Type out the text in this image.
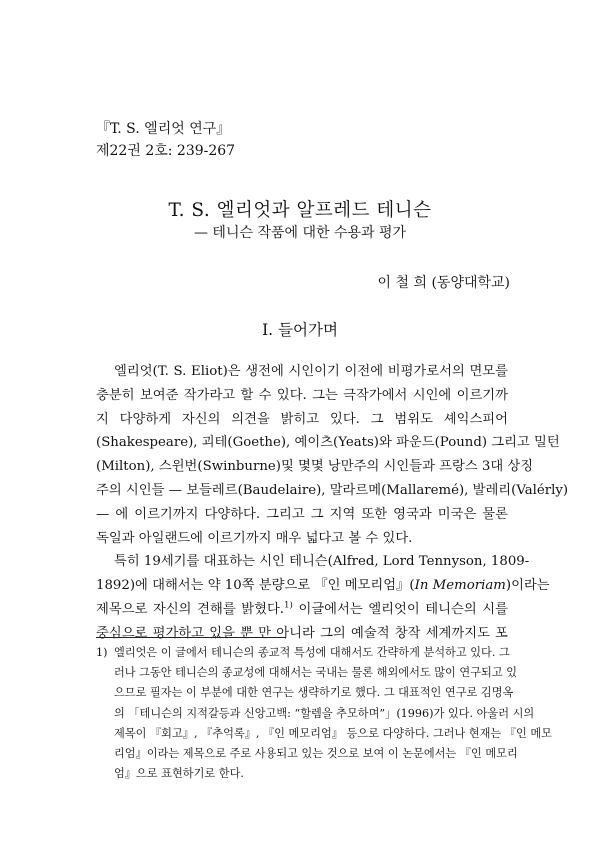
『T. S. 엘리엇 연구』
제22권 2호: 239-267
T. S. 엘리엇과 알프레드 테니슨
— 테니슨 작품에 대한 수용과 평가
이 철 희 (동양대학교)
Ⅰ. 들어가며
엘리엇(T. S. Eliot)은 생전에 시인이기 이전에 비평가로서의 면모를
충분히 보여준 작가라고 할 수 있다. 그는 극작가에서 시인에 이르기까
지 다양하게 자신의 의견을 밝히고 있다. 그 범위도 셰익스피어
(Shakespeare), 괴테(Goethe), 예이츠(Yeats)와 파운드(Pound) 그리고 밀턴
(Milton), 스윈번(Swinburne)및 몇몇 낭만주의 시인들과 프랑스 3대 상징
주의 시인들 — 보들레르(Baudelaire), 말라르메(Mallaremé), 발레리(Valérly)
— 에 이르기까지 다양하다. 그리고 그 지역 또한 영국과 미국은 물론
독일과 아일랜드에 이르기까지 매우 넓다고 볼 수 있다.
특히 19세기를 대표하는 시인 테니슨(Alfred, Lord Tennyson, 1809-
1892)에 대해서는 약 10쪽 분량으로 『인 메모리엄』(In Memoriam)이라는
제목으로 자신의 견해를 밝혔다.$^{1)}$ 이글에서는 엘리엇이 테니슨의 시를
중심으로 평가하고 있을 뿐 만 아니라 그의 예술적 창작 세계까지도 포
1) 엘리엇은 이 글에서 테니슨의 종교적 특성에 대해서도 간략하게 분석하고 있다. 그
러나 그동안 테니슨의 종교성에 대해서는 국내는 물론 해외에서도 많이 연구되고 있
으므로 필자는 이 부분에 대한 연구는 생략하기로 했다. 그 대표적인 연구로 김명옥
의 「테니슨의 지적갈등과 신앙고백: “할렘을 추모하며”」(1996)가 있다. 아울러 시의
제목이 『회고』, 『추억록』, 『인 메모리엄』 등으로 다양하다. 그러나 현재는 『인 메모
리엄』이라는 제목으로 주로 사용되고 있는 것으로 보여 이 논문에서는 『인 메모리
엄』으로 표현하기로 한다.
